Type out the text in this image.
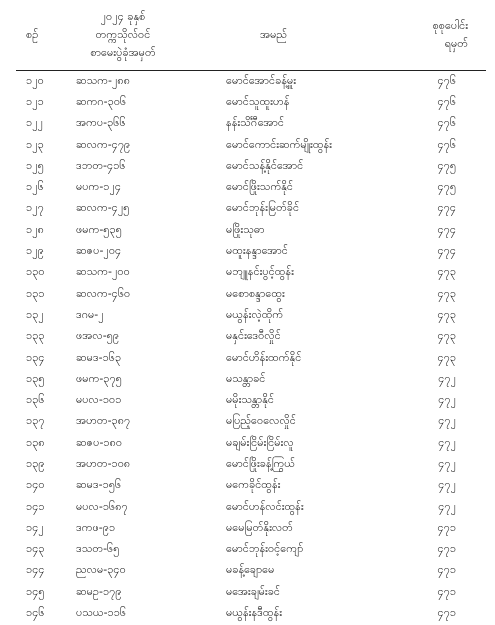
စဉ်	၂၀၂၄ ခုနှစ်
တက္ကသိုလ်ဝင်
စာမေးပွဲခုံအမှတ်	အမည်	စုစုပေါင်း
ရမှတ်

၁၂၀	ဆသက-၂၈၈	မောင်အောင်ခန့်မှူး	၄၇၆
၁၂၁	ဆကဂ-၃၀၆	မောင်သူထူးဟန်	၄၇၆
၁၂၂	အကပ-၃၆၆	နန်းသိင်္ဂီအောင်	၄၇၆
၁၂၃	ဆလက-၄၇၉	မောင်ကောင်းဆက်မျိုးထွန်း	၄၇၆
၁၂၅	ဒဘတ-၄၁၆	မောင်သန့်နိုင်အောင်	၄၇၅
၁၂၆	မပက-၁၂၄	မောင်ဖြိုးသက်နိုင်	၄၇၅
၁၂၇	ဆလက-၄၂၅	မောင်ဘုန်းမြတ်ခိုင်	၄၇၄
၁၂၈	ဖမက-၅၃၅	မဖြိုးသုဓာ	၄၇၄
၁၂၉	ဆဇပ-၂၀၄	မထူးနန္ဒာအောင်	၄၇၄
၁၃၀	ဆသက-၂၀၀	မဘျူနင်းပွင့်ထွန်း	၄၇၃
၁၃၁	ဆလက-၄၆၀	မစောစန္ဒာထွေး	၄၇၃
၁၃၂	ဒဂမ-၂	မယွန်းလဲ့ထိုက်	၄၇၃
၁၃၃	ဖအလ-၅၉	မနှင်းဒေဝီလှိုင်	၄၇၃
၁၃၄	ဆမဒ-၁၆၃	မောင်ဟိန်းထက်နိုင်	၄၇၃
၁၃၅	ဖမက-၃၇၅	မသန္တာခင်	၄၇၂
၁၃၆	မပလ-၁၀၁	မမိုးသန္တာနိုင်	၄၇၂
၁၃၇	အဟတ-၃၈၇	မပြည့်ဝေလေလှိုင်	၄၇၂
၁၃၈	ဆဇပ-၁၈၀	မချမ်းငြိမ်းငြိမ်းလူ	၄၇၂
၁၃၉	အဟတ-၁၀၈	မောင်ဖြိုးခန့်ကြွယ်	၄၇၂
၁၄၀	ဆမဒ-၁၅၆	မကေခိုင်ထွန်း	၄၇၂
၁၄၁	မပလ-၁၆၈၇	မောင်ဟန်လင်းထွန်း	၄၇၂
၁၄၂	ဒကဖ-၉၁	မမေမြတ်နိုးလတ်	၄၇၁
၁၄၃	ဒသတ-၆၅	မောင်ဘုန်းဝင့်ကျော်	၄၇၁
၁၄၄	ညလမ-၃၄၀	မခန့်ချောမေ	၄၇၁
၁၄၅	ဆမဥ-၁၇၉	မအေးချမ်းခင်	၄၇၁
၁၄၆	ပသယ-၁၁၆	မယွန်းနဒီထွန်း	၄၇၁
